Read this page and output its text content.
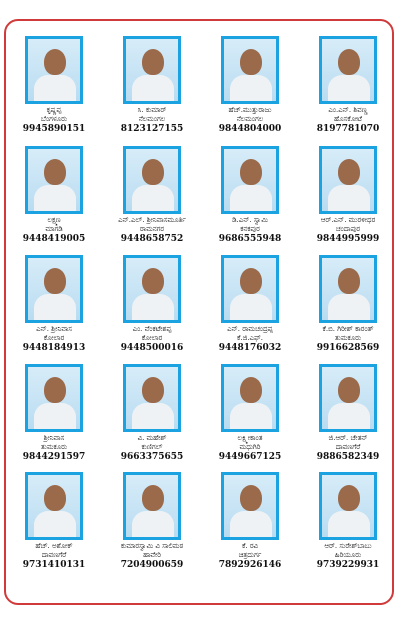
ಕೃಷ್ಣಪ್ಪ
ಬೆಂಗಳೂರು
9945890151
ಸಿ. ಕುಮಾರ್
ನೆಲಮಂಗಲ
8123127155
ಹೆಚ್.ಮುತ್ತುರಾಜು
ನೆಲಮಂಗಲ
9844804000
ಎಂ.ಎನ್. ಶಿವಣ್ಣ
ಹೊಸಕೋಟೆ
8197781070
ಲಕ್ಷ್ಮಣ
ಮಾಗಡಿ
9448419005
ಎನ್.ಎಲ್. ಶ್ರೀನಿವಾಸಮೂರ್ತಿ
ರಾಮನಗರ
9448658752
ಡಿ.ಎನ್. ಸ್ವಾಮಿ
ಕನಕಪುರ
9686555948
ಆರ್.ಎನ್. ಮುರಳೀಧರ
ಚಂದಾಪುರ
9844995999
ಎನ್. ಶ್ರೀನಿವಾಸ
ಕೋಲಾರ
9448184913
ಎಂ. ವೆಂಕಟೇಶಪ್ಪ
ಕೋಲಾರ
9448500016
ಎನ್. ರಾಮಚಂದ್ರಪ್ಪ
ಕೆ.ಜಿ.ಎಫ್.
9448176032
ಕೆ.ಬಿ. ಗಿರೀಶ್ ಕಾರಂತ್
ತುಮಕೂರು
9916628569
ಶ್ರೀನಿವಾಸ
ತುಮಕೂರು
9844291597
ವಿ. ಮಹೇಶ್
ಕುಣಿಗಲ್
9663375655
ಲಕ್ಷ್ಮೀಕಾಂತ
ಮಧುಗಿರಿ
9449667125
ಜಿ.ಆರ್. ಚೇತನ್
ದಾವಣಗೆರೆ
9886582349
ಹೆಚ್. ಅಶೋಕ್
ದಾವಣಗೆರೆ
9731410131
ಕುಮಾರಸ್ವಾಮಿ ವಿ ಸಾಲಿಮಠ
ಹಾವೇರಿ
7204900659
ಕೆ. ರವಿ
ಚಿತ್ರದುರ್ಗ
7892926146
ಆರ್. ಸುರೇಶ್‌ಬಾಬು
ಹಿರಿಯೂರು
9739229931
